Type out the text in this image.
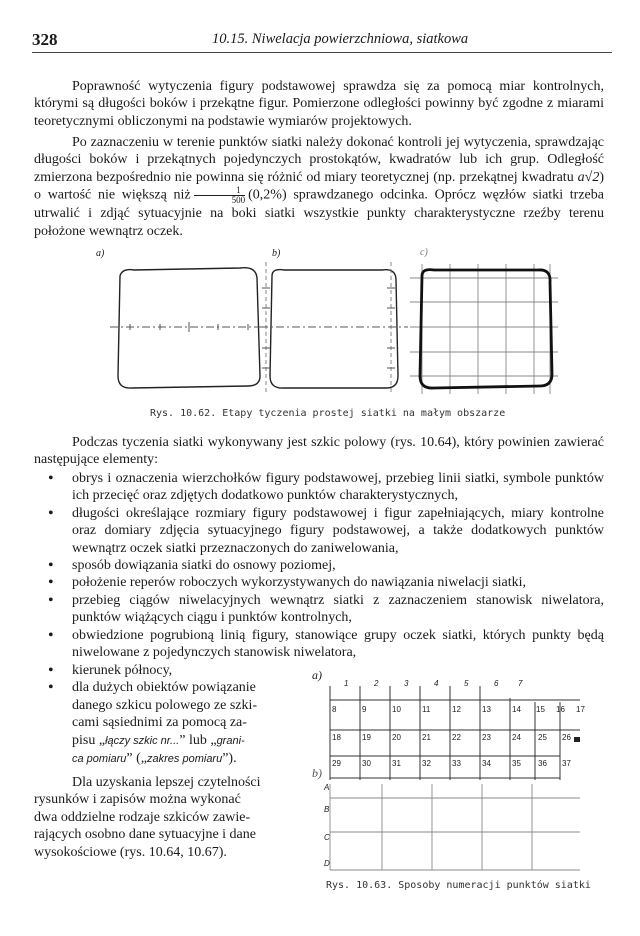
328	10.15. Niwelacja powierzchniowa, siatkowa

Poprawność wytyczenia figury podstawowej sprawdza się za pomocą miar kontrolnych, którymi są długości boków i przekątne figur. Pomierzone odległości powinny być zgodne z miarami teoretycznymi obliczonymi na podstawie wymiarów projektowych.

Po zaznaczeniu w terenie punktów siatki należy dokonać kontroli jej wytyczenia, sprawdzając długości boków i przekątnych pojedynczych prostokątów, kwadratów lub ich grup. Odległość zmierzona bezpośrednio nie powinna się różnić od miary teoretycznej (np. przekątnej kwadratu a√2) o wartość nie większą niż $\frac{1}{500} (0,2\%)$ sprawdzanego odcinka. Oprócz węzłów siatki trzeba utrwalić i zdjąć sytuacyjnie na boki siatki wszystkie punkty charakterystyczne rzeźby terenu położone wewnątrz oczek.

a)	b)	c)
Rys. 10.62. Etapy tyczenia prostej siatki na małym obszarze

Podczas tyczenia siatki wykonywany jest szkic polowy (rys. 10.64), który powinien zawierać następujące elementy:

• obrys i oznaczenia wierzchołków figury podstawowej, przebieg linii siatki, symbole punktów ich przecięć oraz zdjętych dodatkowo punktów charakterystycznych,
• długości określające rozmiary figury podstawowej i figur zapełniających, miary kontrolne oraz domiary zdjęcia sytuacyjnego figury podstawowej, a także dodatkowych punktów wewnątrz oczek siatki przeznaczonych do zaniwelowania,
• sposób dowiązania siatki do osnowy poziomej,
• położenie reperów roboczych wykorzystywanych do nawiązania niwelacji siatki,
• przebieg ciągów niwelacyjnych wewnątrz siatki z zaznaczeniem stanowisk niwelatora, punktów wiążących ciągu i punktów kontrolnych,
• obwiedzione pogrubioną linią figury, stanowiące grupy oczek siatki, których punkty będą niwelowane z pojedynczych stanowisk niwelatora,
• kierunek północy,
• dla dużych obiektów powiązanie
danego szkicu polowego ze szki-
cami sąsiednimi za pomocą za-
pisu „łączy szkic nr...” lub „grani-
ca pomiaru” („zakres pomiaru”).

Dla uzyskania lepszej czytelności
rysunków i zapisów można wykonać
dwa oddzielne rodzaje szkiców zawie-
rających osobno dane sytuacyjne i dane
wysokościowe (rys. 10.64, 10.67).

a)
b)
1	2	3	4	5	6 7
8	9	10	11	12	13	14 15 16 17
18	19	20	21	22	23	24 25 26
29	30	31	32	33	34	35 36 37
A
B
C
D
Rys. 10.63. Sposoby numeracji punktów siatki
